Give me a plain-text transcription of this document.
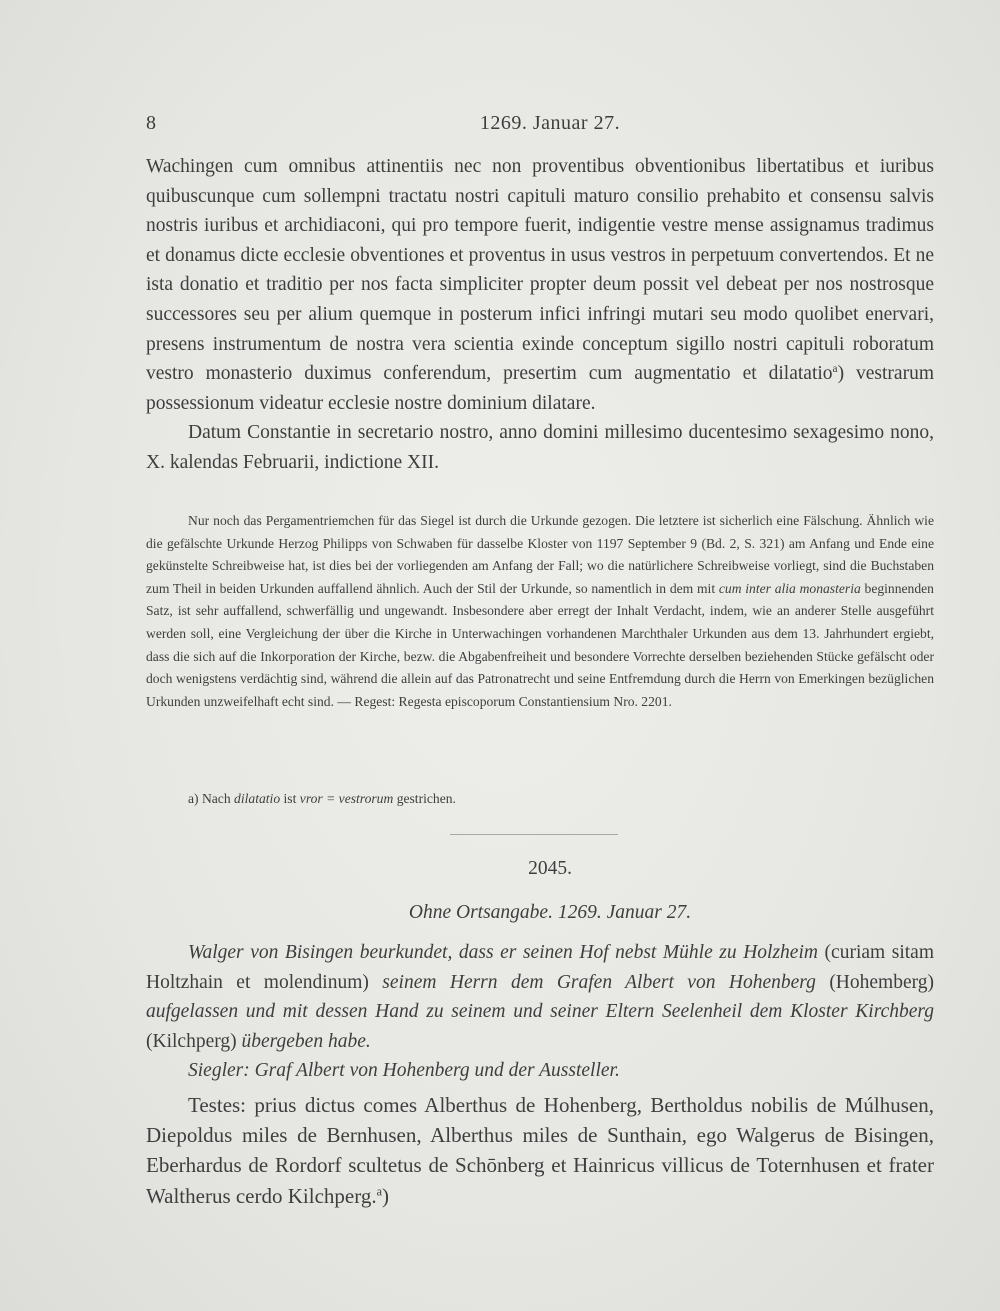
8	1269. Januar 27.

Wachingen cum omnibus attinentiis nec non proventibus obventionibus libertatibus et iuribus quibuscunque cum sollempni tractatu nostri capituli maturo consilio prehabito et consensu salvis nostris iuribus et archidiaconi, qui pro tempore fuerit, indigentie vestre mense assignamus tradimus et donamus dicte ecclesie obventiones et proventus in usus vestros in perpetuum convertendos. Et ne ista donatio et traditio per nos facta simpliciter propter deum possit vel debeat per nos nostrosque successores seu per alium quemque in posterum infici infringi mutari seu modo quolibet enervari, presens instrumentum de nostra vera scientia exinde conceptum sigillo nostri capituli roboratum vestro monasterio duximus conferendum, presertim cum augmentatio et dilatatio$^a$) vestrarum possessionum videatur ecclesie nostre dominium dilatare.

Datum Constantie in secretario nostro, anno domini millesimo ducentesimo sexagesimo nono, X. kalendas Februarii, indictione XII.

Nur noch das Pergamentriemchen für das Siegel ist durch die Urkunde gezogen. Die letztere ist sicherlich eine Fälschung. Ähnlich wie die gefälschte Urkunde Herzog Philipps von Schwaben für dasselbe Kloster von 1197 September 9 (Bd. 2, S. 321) am Anfang und Ende eine gekünstelte Schreibweise hat, ist dies bei der vorliegenden am Anfang der Fall; wo die natürlichere Schreibweise vorliegt, sind die Buchstaben zum Theil in beiden Urkunden auffallend ähnlich. Auch der Stil der Urkunde, so namentlich in dem mit cum inter alia monasteria beginnenden Satz, ist sehr auffallend, schwerfällig und ungewandt. Insbesondere aber erregt der Inhalt Verdacht, indem, wie an anderer Stelle ausgeführt werden soll, eine Vergleichung der über die Kirche in Unterwachingen vorhandenen Marchthaler Urkunden aus dem 13. Jahrhundert ergiebt, dass die sich auf die Inkorporation der Kirche, bezw. die Abgabenfreiheit und besondere Vorrechte derselben beziehenden Stücke gefälscht oder doch wenigstens verdächtig sind, während die allein auf das Patronatrecht und seine Entfremdung durch die Herrn von Emerkingen bezüglichen Urkunden unzweifelhaft echt sind. — Regest: Regesta episcoporum Constantiensium Nro. 2201.

a) Nach dilatatio ist vror = vestrorum gestrichen.
2045.
Ohne Ortsangabe. 1269. Januar 27.

Walger von Bisingen beurkundet, dass er seinen Hof nebst Mühle zu Holzheim (curiam sitam Holtzhain et molendinum) seinem Herrn dem Grafen Albert von Hohenberg (Hohemberg) aufgelassen und mit dessen Hand zu seinem und seiner Eltern Seelenheil dem Kloster Kirchberg (Kilchperg) übergeben habe.

Siegler: Graf Albert von Hohenberg und der Aussteller.

Testes: prius dictus comes Alberthus de Hohenberg, Bertholdus nobilis de Múlhusen, Diepoldus miles de Bernhusen, Alberthus miles de Sunthain, ego Walgerus de Bisingen, Eberhardus de Rordorf scultetus de Schōnberg et Hainricus villicus de Toternhusen et frater Waltherus cerdo Kilchperg.$^a$)
